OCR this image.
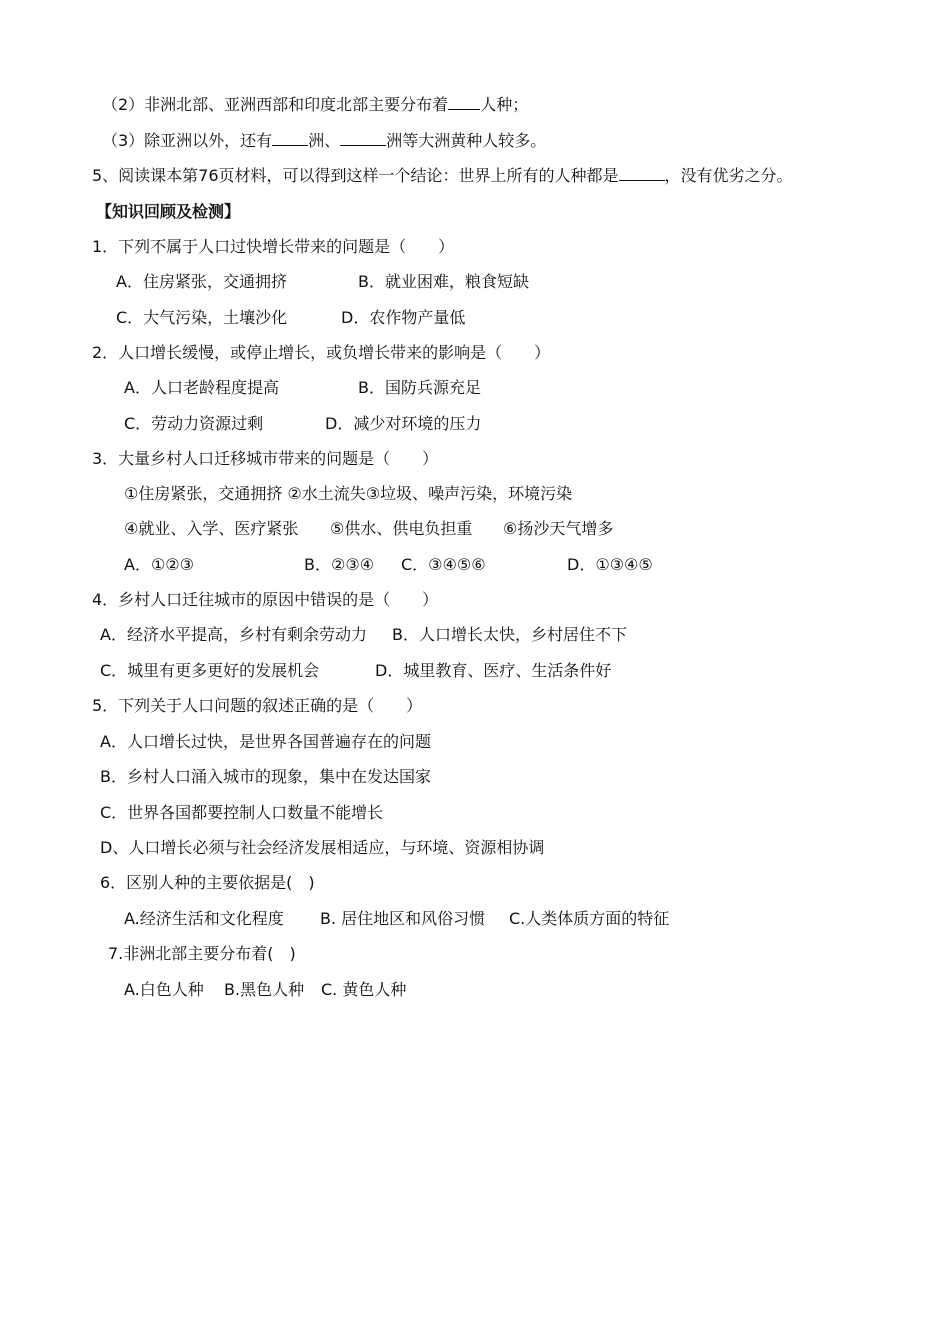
（2）非洲北部、亚洲西部和印度北部主要分布着 人种；
（3）除亚洲以外，还有 洲、	洲等大洲黄种人较多。
5、阅读课本第76页材料，可以得到这样一个结论：世界上所有的人种都是	，没有优劣之分。
【知识回顾及检测】
1．下列不属于人口过快增长带来的问题是（　　）
A．住房紧张，交通拥挤	B．就业困难，粮食短缺
C．大气污染，土壤沙化	D．农作物产量低
2．人口增长缓慢，或停止增长，或负增长带来的影响是（　　）
A．人口老龄程度提高	B．国防兵源充足
C．劳动力资源过剩	D．减少对环境的压力
3．大量乡村人口迁移城市带来的问题是（　　）
①住房紧张，交通拥挤 ②水土流失③垃圾、噪声污染，环境污染
④就业、入学、医疗紧张 ⑤供水、供电负担重 ⑥扬沙天气增多
A．①②③	B．②③④ C．③④⑤⑥	D．①③④⑤
4．乡村人口迁往城市的原因中错误的是（　　）
A．经济水平提高，乡村有剩余劳动力 B．人口增长太快，乡村居住不下
C．城里有更多更好的发展机会	D．城里教育、医疗、生活条件好
5．下列关于人口问题的叙述正确的是（　　）
A．人口增长过快，是世界各国普遍存在的问题
B．乡村人口涌入城市的现象，集中在发达国家
C．世界各国都要控制人口数量不能增长
D、人口增长必须与社会经济发展相适应，与环境、资源相协调
6．区别人种的主要依据是(　)
A.经济生活和文化程度 B. 居住地区和风俗习惯 C.人类体质方面的特征
7.非洲北部主要分布着(　)
A.白色人种 B.黑色人种 C. 黄色人种
